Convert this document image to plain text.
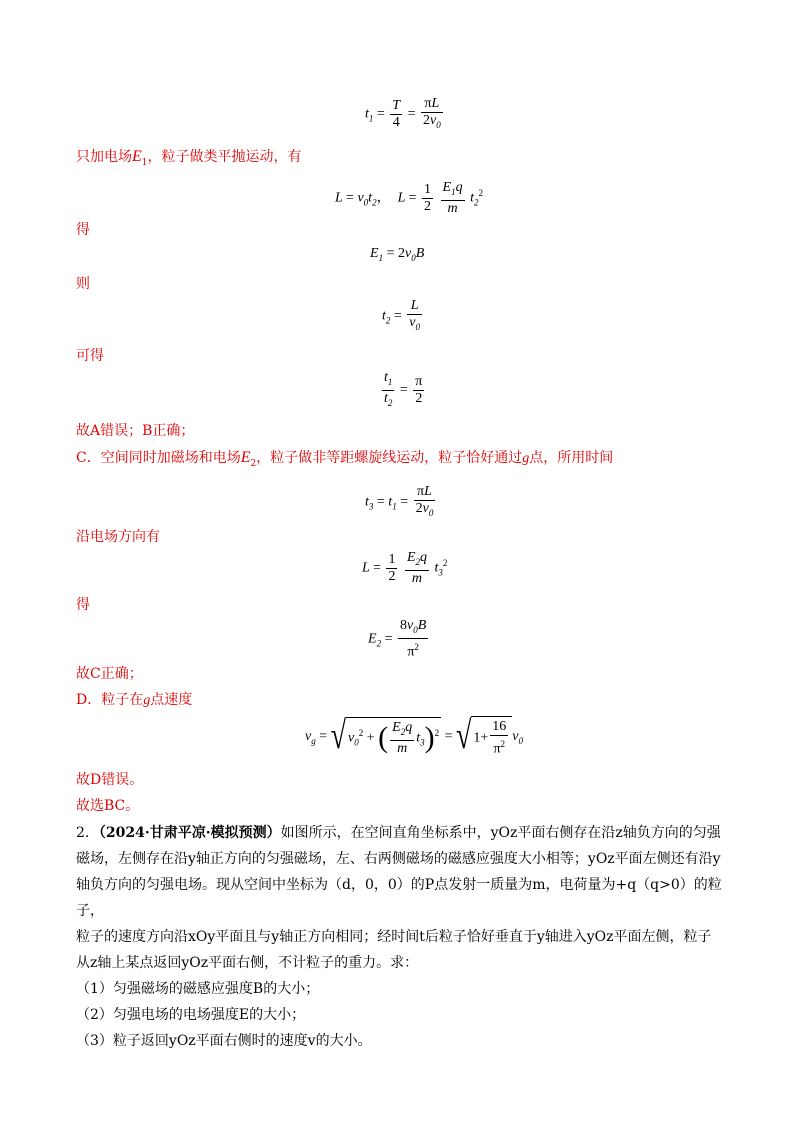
$t_1 = \frac{T}{4} = \frac{\pi L}{2v_0}$
只加电场$E_1$，粒子做类平抛运动，有
$L = v_0t_2$，  $L = \frac{1}{2}$
$\frac{E_1q}{m} t_2^2$
得
$E_1 = 2v_0B$
则
$t_2 = \frac{L}{v_0}$
可得
$\frac{t_1}{t_2} = \frac{\pi}{2}$
故A错误；B正确；
C．空间同时加磁场和电场$E_2$，粒子做非等距螺旋线运动，粒子恰好通过g点，所用时间
$t_3 = t_1 = \frac{\pi L}{2v_0}$
沿电场方向有
$L = \frac{1}{2}$
$\frac{E_2q}{m} t_3^2$
得
$E_2 = \frac{8v_0B}{\pi^2}$
故C正确；
D．粒子在g点速度
$v_g$ = √ $v_0^2$ + ( $\frac{E_2q}{m} t_3)^2$ = √ $1+ \frac{16}{\pi^2} v_0$
故D错误。
故选BC。

2．（2024·甘肃平凉·模拟预测）如图所示，在空间直角坐标系中，yOz平面右侧存在沿z轴负方向的匀强

磁场，左侧存在沿y轴正方向的匀强磁场，左、右两侧磁场的磁感应强度大小相等；yOz平面左侧还有沿y

轴负方向的匀强电场。现从空间中坐标为（d，0，0）的P点发射一质量为m，电荷量为+q（q>0）的粒子，

粒子的速度方向沿xOy平面且与y轴正方向相同；经时间t后粒子恰好垂直于y轴进入yOz平面左侧，粒子

从z轴上某点返回yOz平面右侧，不计粒子的重力。求：

（1）匀强磁场的磁感应强度B的大小；

（2）匀强电场的电场强度E的大小；

（3）粒子返回yOz平面右侧时的速度v的大小。
